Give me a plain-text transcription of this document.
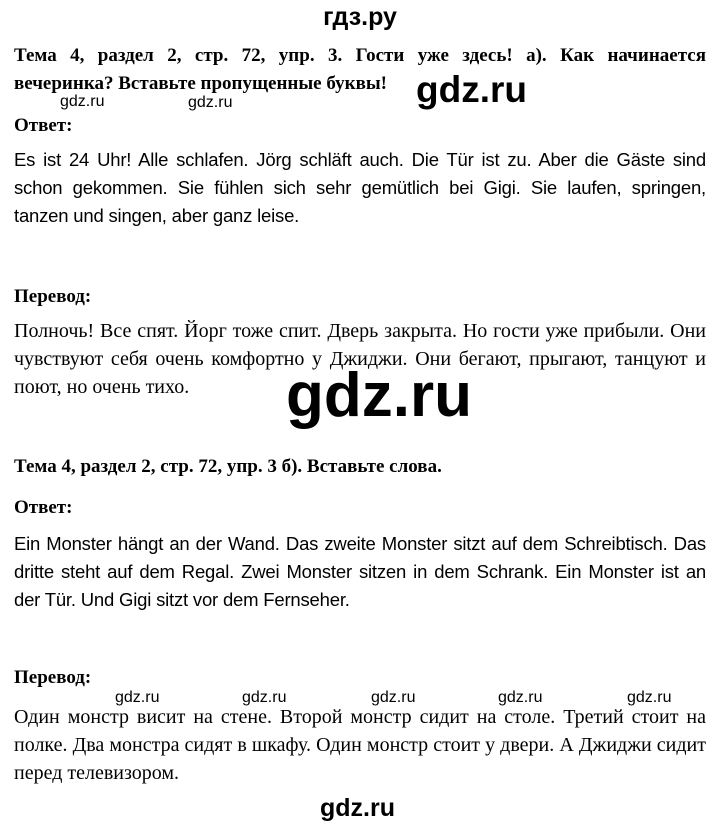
гдз.ру
Тема 4, раздел 2, стр. 72, упр. 3. Гости уже здесь! а). Как начинается
вечеринка? Вставьте пропущенные буквы!
gdz.ru	gdz.ru	gdz.ru
Ответ:
Es ist 24 Uhr! Alle schlafen. Jörg schläft auch. Die Tür ist zu. Aber die Gäste sind schon gekommen. Sie fühlen sich sehr gemütlich bei Gigi. Sie laufen, springen, tanzen und singen, aber ganz leise.
Перевод:
Полночь! Все спят. Йорг тоже спит. Дверь закрыта. Но гости уже прибыли. Они чувствуют себя очень комфортно у Джиджи. Они бегают, прыгают, танцуют и поют, но очень тихо.	gdz.ru
Тема 4, раздел 2, стр. 72, упр. 3 б). Вставьте слова.
Ответ:
Ein Monster hängt an der Wand. Das zweite Monster sitzt auf dem Schreibtisch. Das dritte steht auf dem Regal. Zwei Monster sitzen in dem Schrank. Ein Monster ist an der Tür. Und Gigi sitzt vor dem Fernseher.
Перевод:
gdz.ru	gdz.ru	gdz.ru	gdz.ru	gdz.ru
Один монстр висит на стене. Второй монстр сидит на столе. Третий стоит на полке. Два монстра сидят в шкафу. Один монстр стоит у двери. А Джиджи сидит перед телевизором.
gdz.ru
